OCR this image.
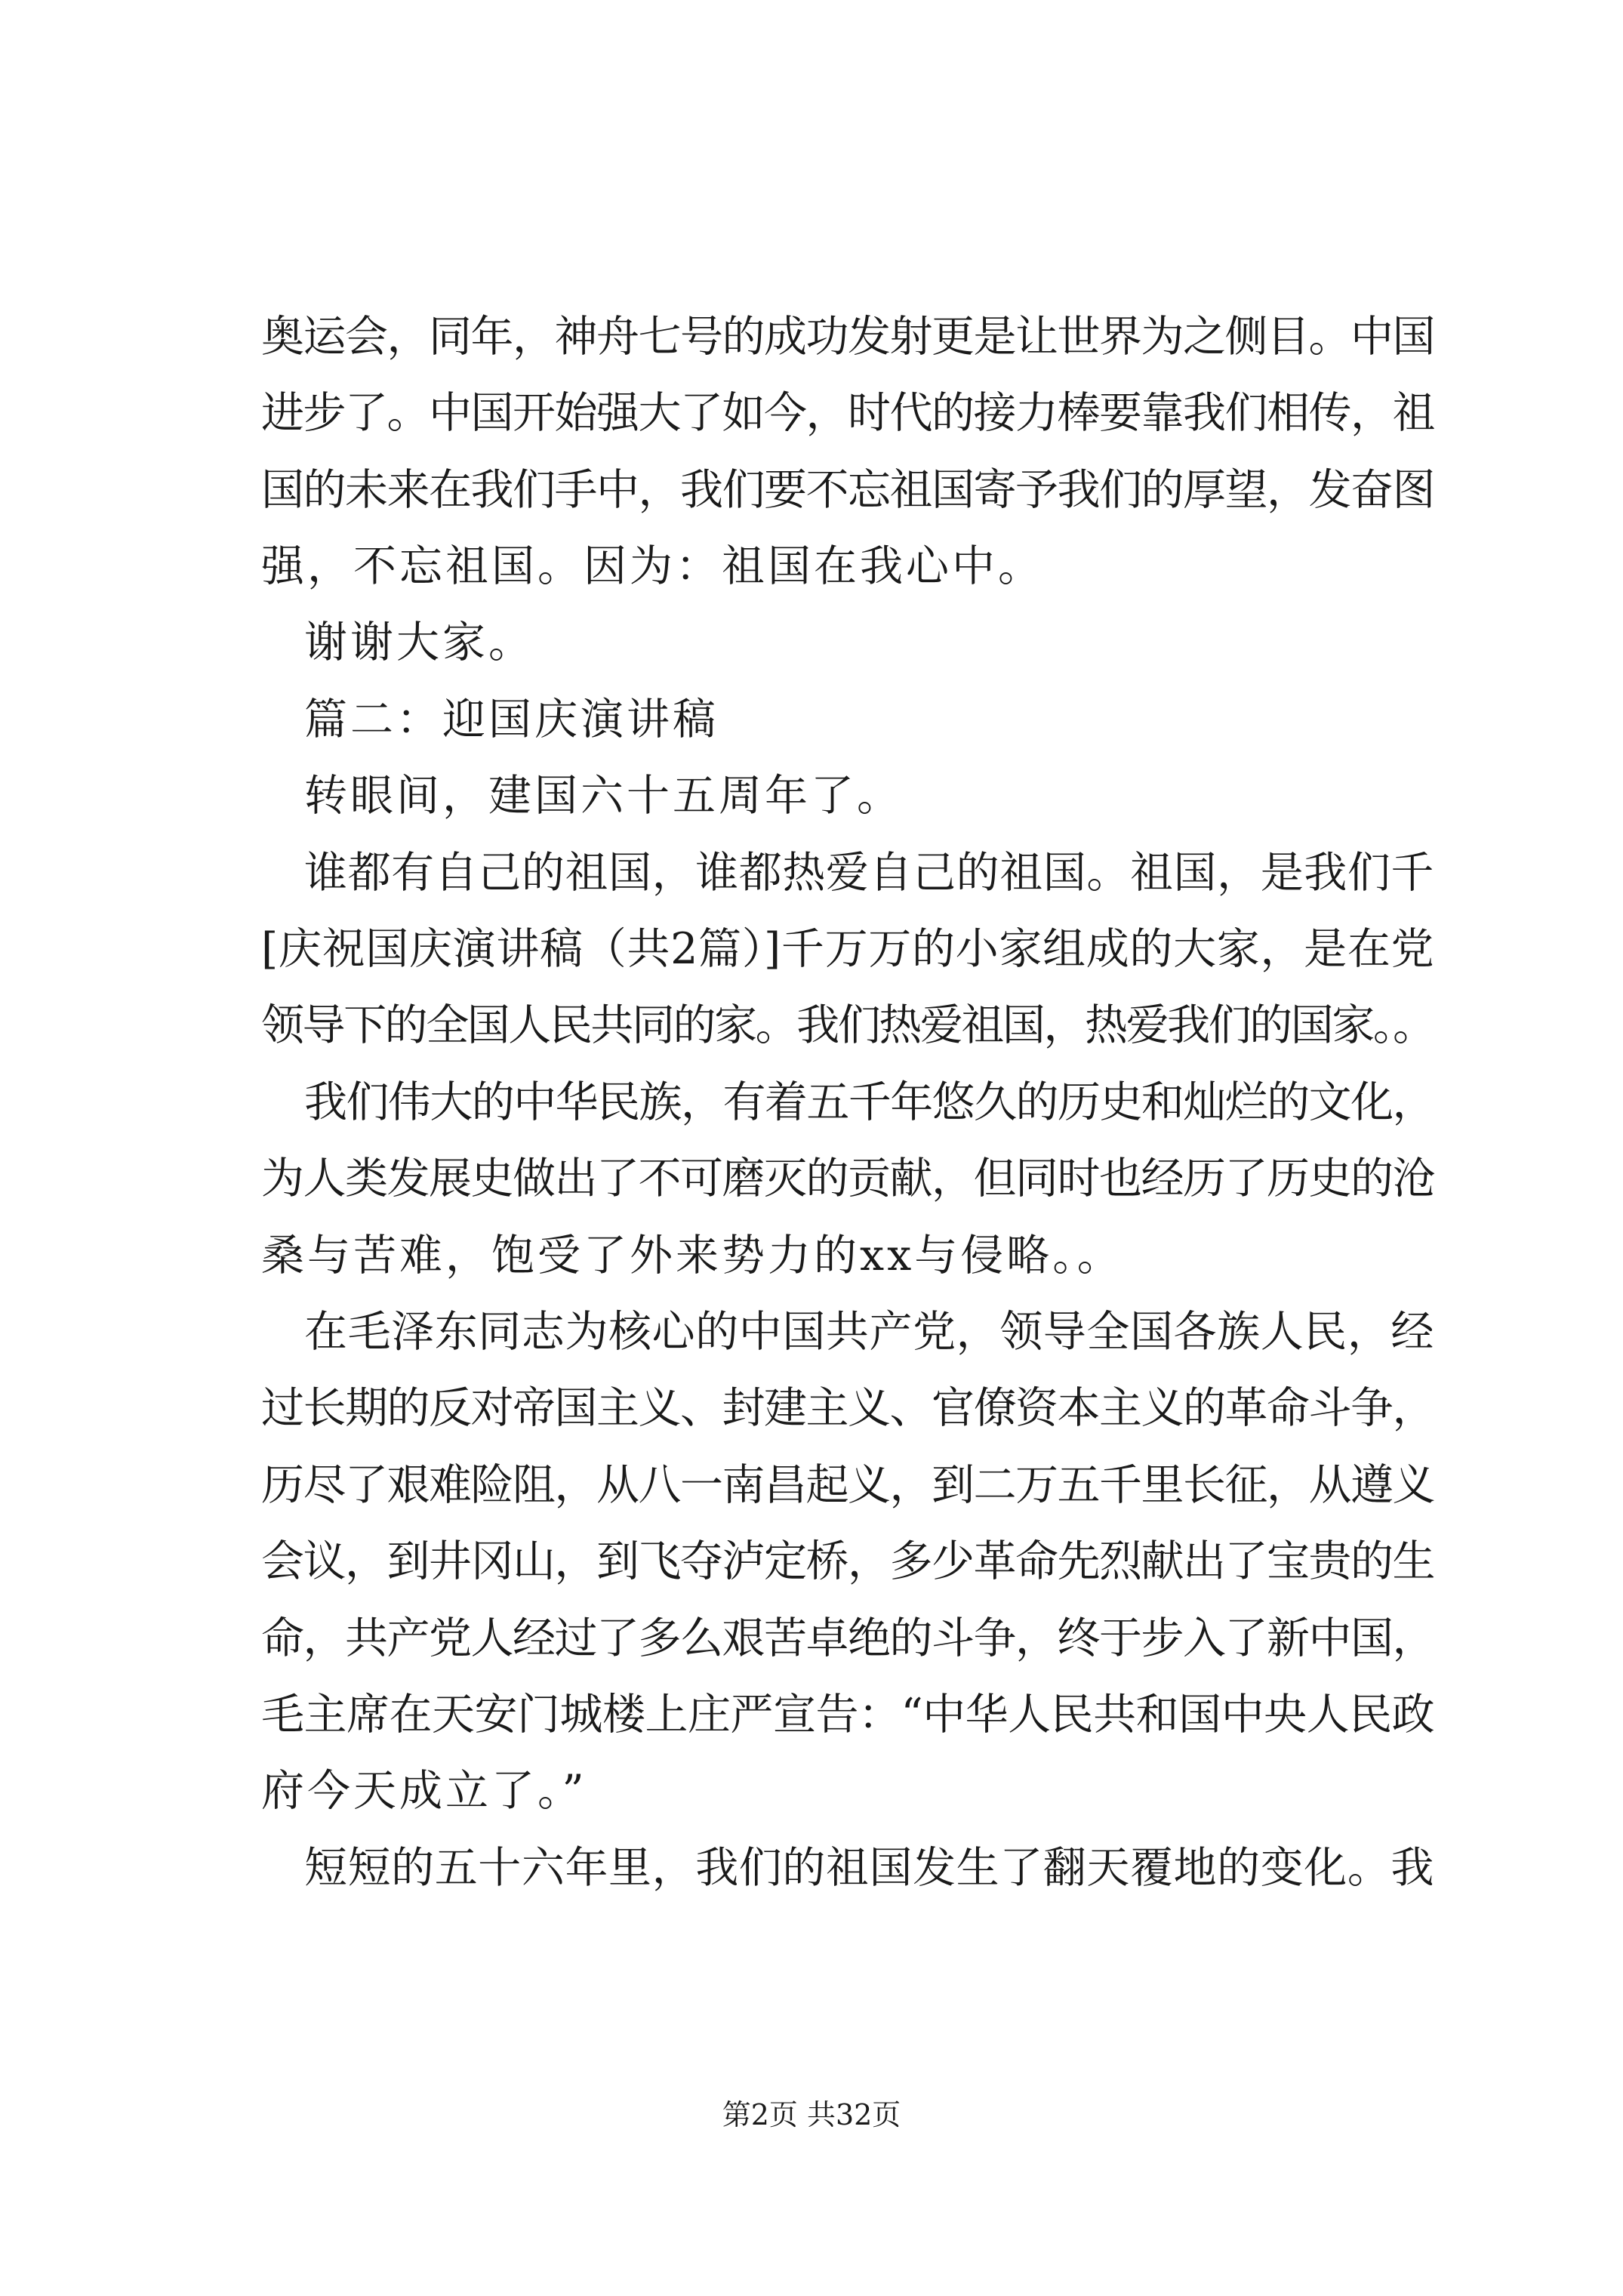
奥运会，同年，神舟七号的成功发射更是让世界为之侧目。中国
进步了。中国开始强大了如今，时代的接力棒要靠我们相传，祖
国的未来在我们手中，我们要不忘祖国寄予我们的厚望，发奋图
强，不忘祖国。因为：祖国在我心中。
谢谢大家。
篇二：迎国庆演讲稿
转眼间，建国六十五周年了。
谁都有自己的祖国，谁都热爱自己的祖国。祖国，是我们千
[庆祝国庆演讲稿（共2篇）]千万万的小家组成的大家，是在党
领导下的全国人民共同的家。我们热爱祖国，热爱我们的国家。。
我们伟大的中华民族，有着五千年悠久的历史和灿烂的文化，
为人类发展史做出了不可磨灭的贡献，但同时也经历了历史的沧
桑与苦难，饱受了外来势力的xx与侵略。。
在毛泽东同志为核心的中国共产党，领导全国各族人民，经
过长期的反对帝国主义、封建主义、官僚资本主义的革命斗争，
历尽了艰难险阻，从八一南昌起义，到二万五千里长征，从遵义
会议，到井冈山，到飞夺泸定桥，多少革命先烈献出了宝贵的生
命，共产党人经过了多么艰苦卓绝的斗争，终于步入了新中国，
毛主席在天安门城楼上庄严宣告：“中华人民共和国中央人民政
府今天成立了。”
短短的五十六年里，我们的祖国发生了翻天覆地的变化。我
第2页 共32页
